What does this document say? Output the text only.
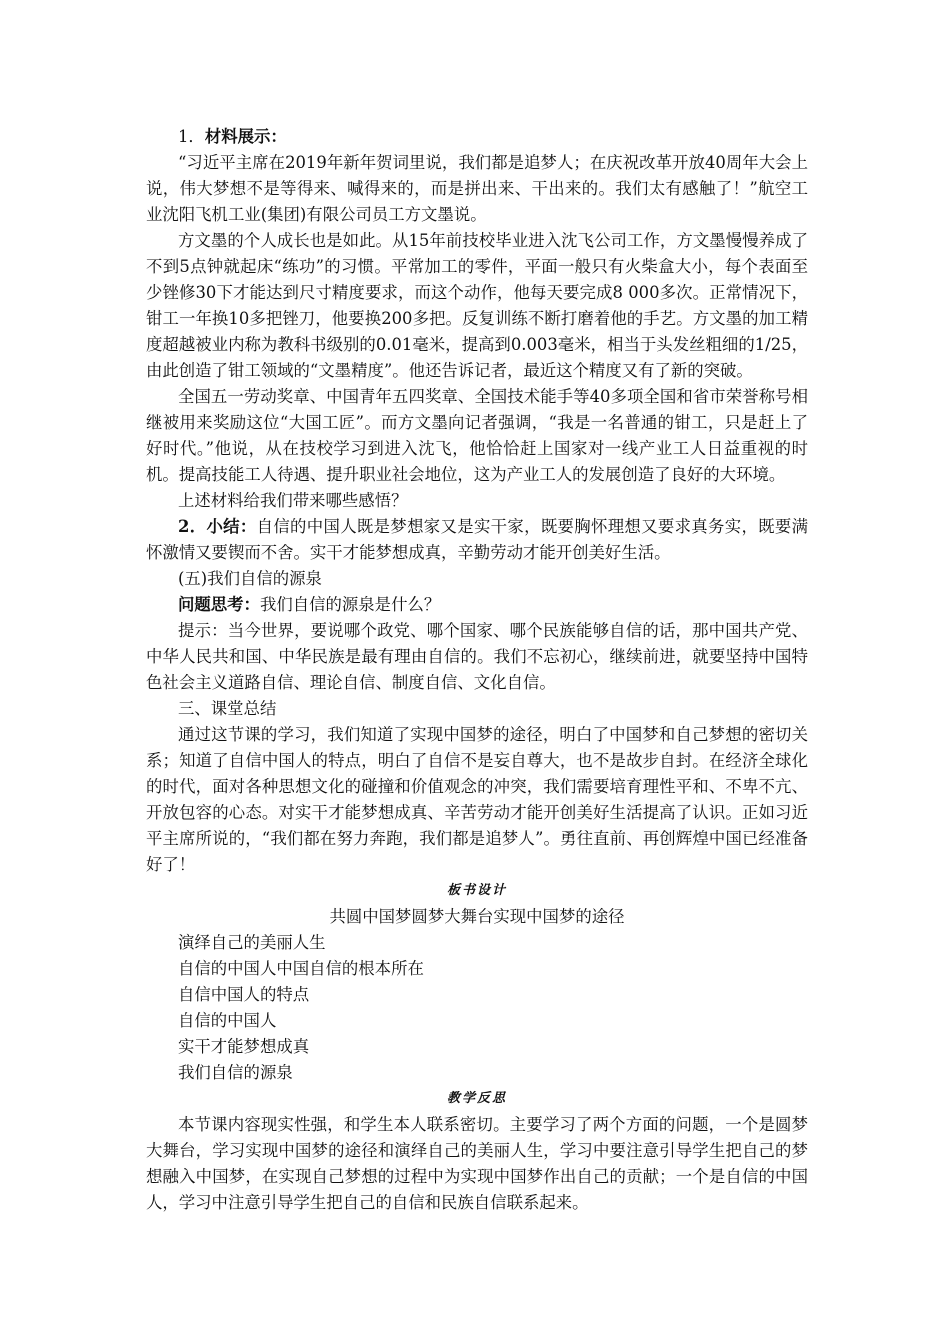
1．材料展示：

“习近平主席在2019年新年贺词里说，我们都是追梦人；在庆祝改革开放40周年大会上说，伟大梦想不是等得来、喊得来的，而是拼出来、干出来的。我们太有感触了！”航空工业沈阳飞机工业(集团)有限公司员工方文墨说。

方文墨的个人成长也是如此。从15年前技校毕业进入沈飞公司工作，方文墨慢慢养成了不到5点钟就起床“练功”的习惯。平常加工的零件，平面一般只有火柴盒大小，每个表面至少锉修30下才能达到尺寸精度要求，而这个动作，他每天要完成8 000多次。正常情况下，钳工一年换10多把锉刀，他要换200多把。反复训练不断打磨着他的手艺。方文墨的加工精度超越被业内称为教科书级别的0.01毫米，提高到0.003毫米，相当于头发丝粗细的1/25，由此创造了钳工领域的“文墨精度”。他还告诉记者，最近这个精度又有了新的突破。

全国五一劳动奖章、中国青年五四奖章、全国技术能手等40多项全国和省市荣誉称号相继被用来奖励这位“大国工匠”。而方文墨向记者强调，“我是一名普通的钳工，只是赶上了好时代。”他说，从在技校学习到进入沈飞，他恰恰赶上国家对一线产业工人日益重视的时机。提高技能工人待遇、提升职业社会地位，这为产业工人的发展创造了良好的大环境。

上述材料给我们带来哪些感悟？

2．小结：自信的中国人既是梦想家又是实干家，既要胸怀理想又要求真务实，既要满怀激情又要锲而不舍。实干才能梦想成真，辛勤劳动才能开创美好生活。

(五)我们自信的源泉

问题思考：我们自信的源泉是什么？

提示：当今世界，要说哪个政党、哪个国家、哪个民族能够自信的话，那中国共产党、中华人民共和国、中华民族是最有理由自信的。我们不忘初心，继续前进，就要坚持中国特色社会主义道路自信、理论自信、制度自信、文化自信。

三、课堂总结

通过这节课的学习，我们知道了实现中国梦的途径，明白了中国梦和自己梦想的密切关系；知道了自信中国人的特点，明白了自信不是妄自尊大，也不是故步自封。在经济全球化的时代，面对各种思想文化的碰撞和价值观念的冲突，我们需要培育理性平和、不卑不亢、开放包容的心态。对实干才能梦想成真、辛苦劳动才能开创美好生活提高了认识。正如习近平主席所说的，“我们都在努力奔跑，我们都是追梦人”。勇往直前、再创辉煌中国已经准备好了！

板书设计

共圆中国梦圆梦大舞台实现中国梦的途径

演绎自己的美丽人生

自信的中国人中国自信的根本所在

自信中国人的特点

自信的中国人

实干才能梦想成真

我们自信的源泉

教学反思

本节课内容现实性强，和学生本人联系密切。主要学习了两个方面的问题，一个是圆梦大舞台，学习实现中国梦的途径和演绎自己的美丽人生，学习中要注意引导学生把自己的梦想融入中国梦，在实现自己梦想的过程中为实现中国梦作出自己的贡献；一个是自信的中国人，学习中注意引导学生把自己的自信和民族自信联系起来。
